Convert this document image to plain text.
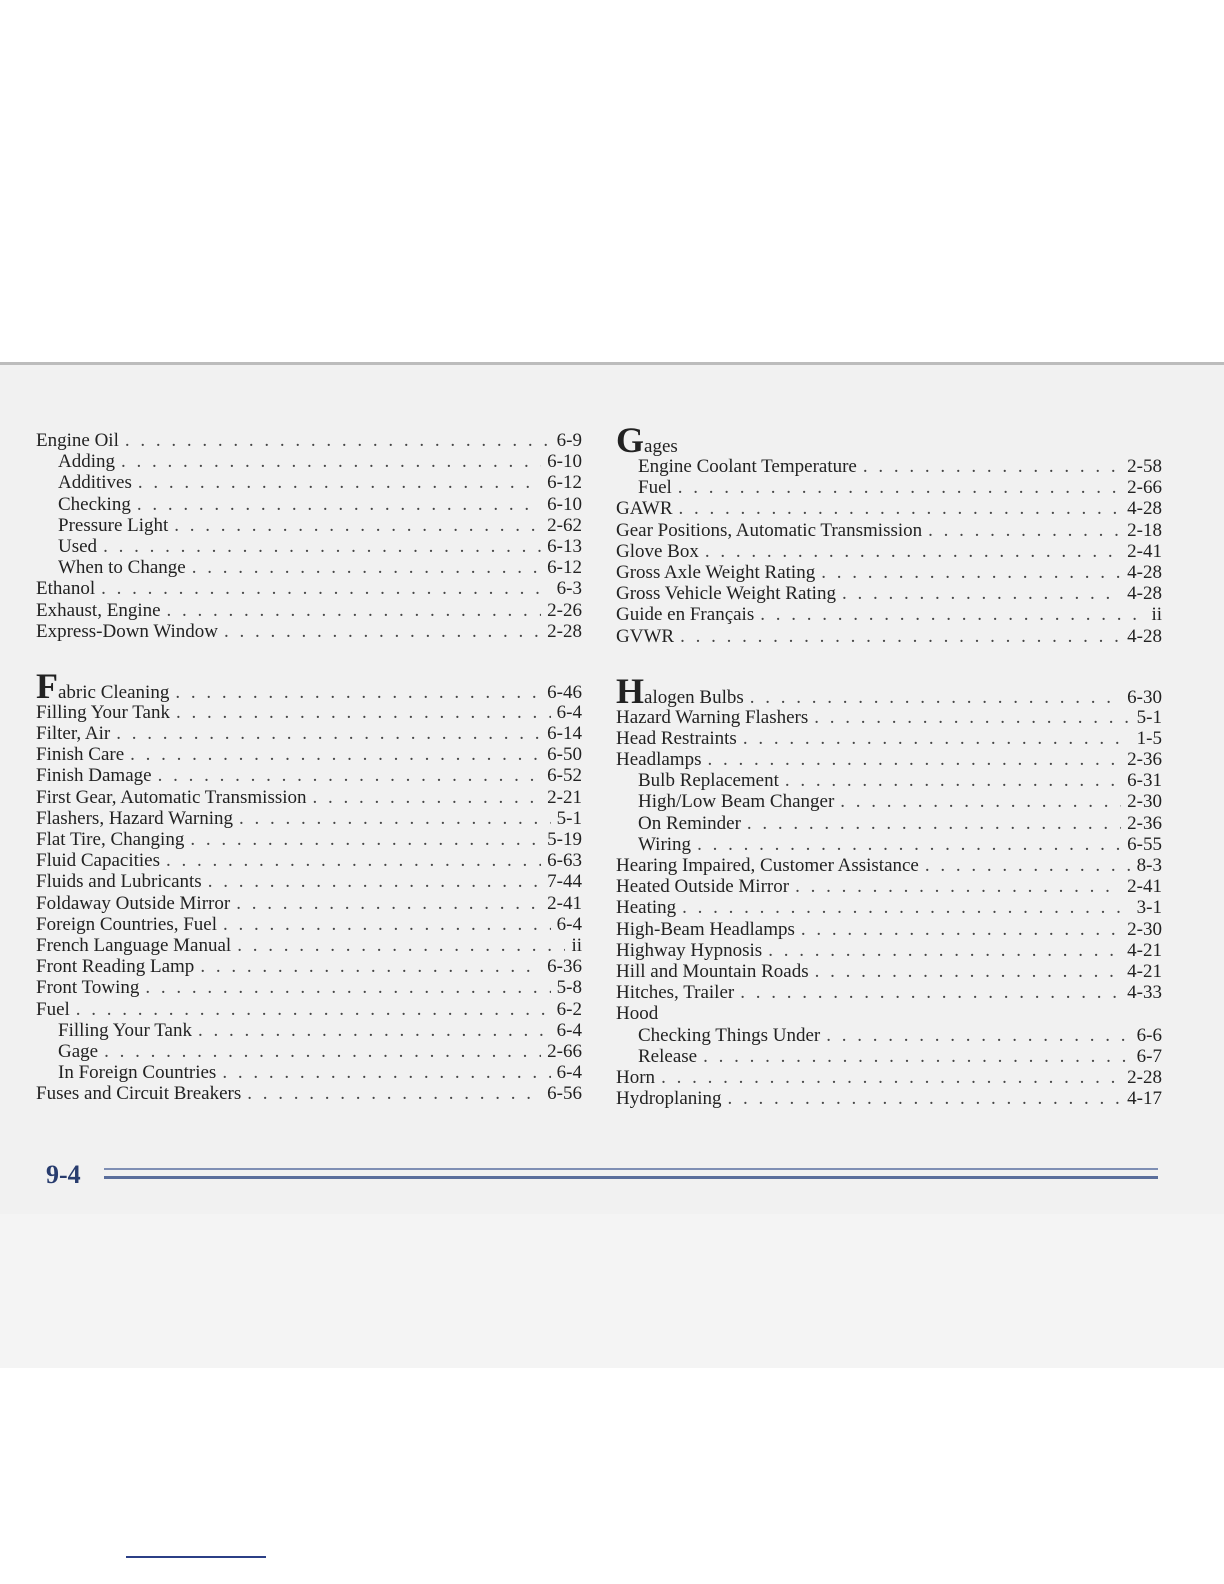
Engine Oil . . .	6-9
Adding . . .	6-10
Additives . . .	6-12
Checking . . .	6-10
Pressure Light . . .	2-62
Used . . .	6-13
When to Change . . .	6-12
Ethanol . . .	6-3
Exhaust, Engine . . .	2-26
Express-Down Window . . .	2-28
Fabric Cleaning . . .	6-46
Filling Your Tank . . .	6-4
Filter, Air . . .	6-14
Finish Care . . .	6-50
Finish Damage . . .	6-52
First Gear, Automatic Transmission . . .	2-21
Flashers, Hazard Warning . . .	5-1
Flat Tire, Changing . . .	5-19
Fluid Capacities . . .	6-63
Fluids and Lubricants . . .	7-44
Foldaway Outside Mirror . . .	2-41
Foreign Countries, Fuel . . .	6-4
French Language Manual . . .	ii
Front Reading Lamp . . .	6-36
Front Towing . . .	5-8
Fuel . . .	6-2
Filling Your Tank . . .	6-4
Gage . . .	2-66
In Foreign Countries . . .	6-4
Fuses and Circuit Breakers . . .	6-56
Gages
Engine Coolant Temperature . . .	2-58
Fuel . . .	2-66
GAWR . . .	4-28
Gear Positions, Automatic Transmission . . .	2-18
Glove Box . . .	2-41
Gross Axle Weight Rating . . .	4-28
Gross Vehicle Weight Rating . . .	4-28
Guide en Français . . .	ii
GVWR . . .	4-28
Halogen Bulbs . . .	6-30
Hazard Warning Flashers . . .	5-1
Head Restraints . . .	1-5
Headlamps . . .	2-36
Bulb Replacement . . .	6-31
High/Low Beam Changer . . .	2-30
On Reminder . . .	2-36
Wiring . . .	6-55
Hearing Impaired, Customer Assistance . . .	8-3
Heated Outside Mirror . . .	2-41
Heating . . .	3-1
High-Beam Headlamps . . .	2-30
Highway Hypnosis . . .	4-21
Hill and Mountain Roads . . .	4-21
Hitches, Trailer . . .	4-33
Hood
Checking Things Under . . .	6-6
Release . . .	6-7
Horn . . .	2-28
Hydroplaning . . .	4-17
9-4
